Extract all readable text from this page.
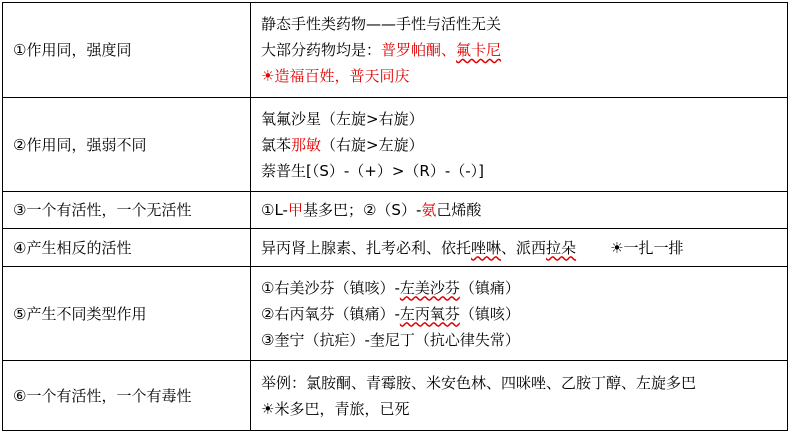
①作用同，强度同	静态手性类药物——手性与活性无关
大部分药物均是：普罗帕酮、氟卡尼
☀造福百姓，普天同庆

②作用同，强弱不同	氧氟沙星（左旋>右旋）
氯苯那敏（右旋>左旋）
萘普生[（S）-（+）>（R）-（-）]

③一个有活性，一个无活性	①L-甲基多巴；②（S）-氨己烯酸

④产生相反的活性	异丙肾上腺素、扎考必利、依托唑啉、派西拉朵 ☀一扎一排

⑤产生不同类型作用	①右美沙芬（镇咳）-左美沙芬（镇痛）
②右丙氧芬（镇痛）-左丙氧芬（镇咳）
③奎宁（抗疟）-奎尼丁（抗心律失常）

⑥一个有活性，一个有毒性	举例：氯胺酮、青霉胺、米安色林、四咪唑、乙胺丁醇、左旋多巴
☀米多巴，青旅，已死
